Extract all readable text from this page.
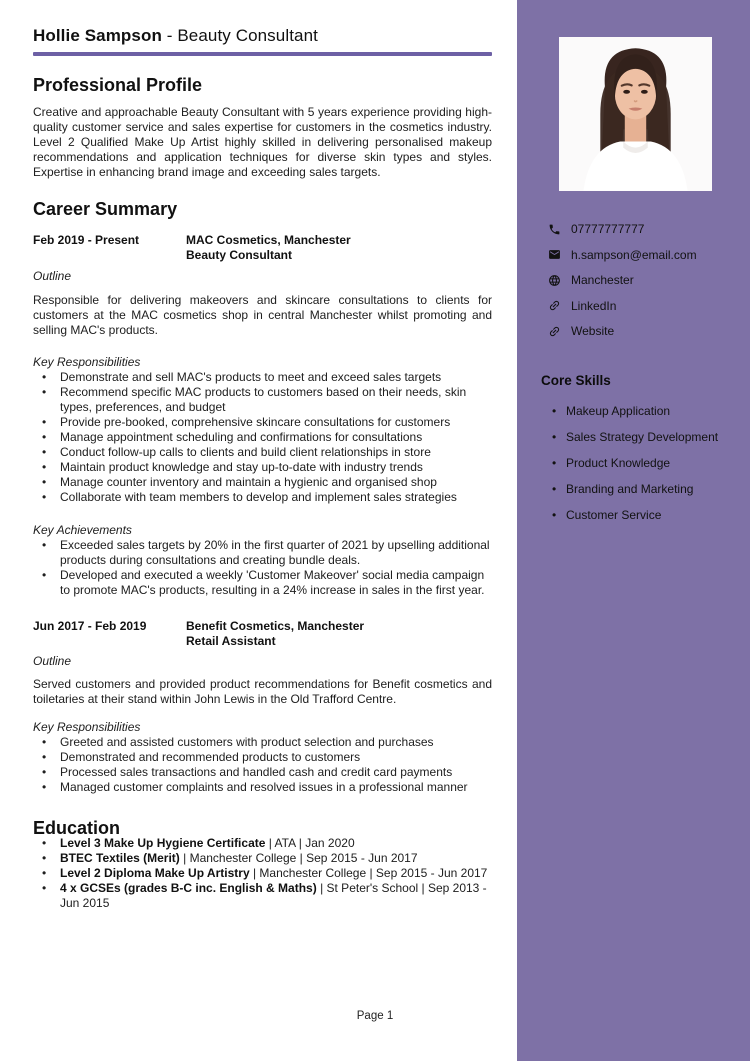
Hollie Sampson - Beauty Consultant
Professional Profile

Creative and approachable Beauty Consultant with 5 years experience providing high-quality customer service and sales expertise for customers in the cosmetics industry. Level 2 Qualified Make Up Artist highly skilled in delivering personalised makeup recommendations and application techniques for diverse skin types and styles. Expertise in enhancing brand image and exceeding sales targets.

Career Summary
Feb 2019 - Present	MAC Cosmetics, Manchester
Beauty Consultant
Outline

Responsible for delivering makeovers and skincare consultations to clients for customers at the MAC cosmetics shop in central Manchester whilst promoting and selling MAC's products.

Key Responsibilities
• Demonstrate and sell MAC's products to meet and exceed sales targets
• Recommend specific MAC products to customers based on their needs, skin types, preferences, and budget
• Provide pre-booked, comprehensive skincare consultations for customers
• Manage appointment scheduling and confirmations for consultations
• Conduct follow-up calls to clients and build client relationships in store
• Maintain product knowledge and stay up-to-date with industry trends
• Manage counter inventory and maintain a hygienic and organised shop
• Collaborate with team members to develop and implement sales strategies
Key Achievements
• Exceeded sales targets by 20% in the first quarter of 2021 by upselling additional products during consultations and creating bundle deals.
• Developed and executed a weekly 'Customer Makeover' social media campaign to promote MAC's products, resulting in a 24% increase in sales in the first year.
Jun 2017 - Feb 2019	Benefit Cosmetics, Manchester
Retail Assistant
Outline

Served customers and provided product recommendations for Benefit cosmetics and toiletaries at their stand within John Lewis in the Old Trafford Centre.

Key Responsibilities
• Greeted and assisted customers with product selection and purchases
• Demonstrated and recommended products to customers
• Processed sales transactions and handled cash and credit card payments
• Managed customer complaints and resolved issues in a professional manner
Education
• Level 3 Make Up Hygiene Certificate | ATA | Jan 2020
• BTEC Textiles (Merit) | Manchester College | Sep 2015 - Jun 2017
• Level 2 Diploma Make Up Artistry | Manchester College | Sep 2015 - Jun 2017
• 4 x GCSEs (grades B-C inc. English & Maths) | St Peter's School | Sep 2013 - Jun 2015
07777777777
h.sampson@email.com
Manchester
LinkedIn
Website
Core Skills
• Makeup Application
• Sales Strategy Development
• Product Knowledge
• Branding and Marketing
• Customer Service
Page 1
